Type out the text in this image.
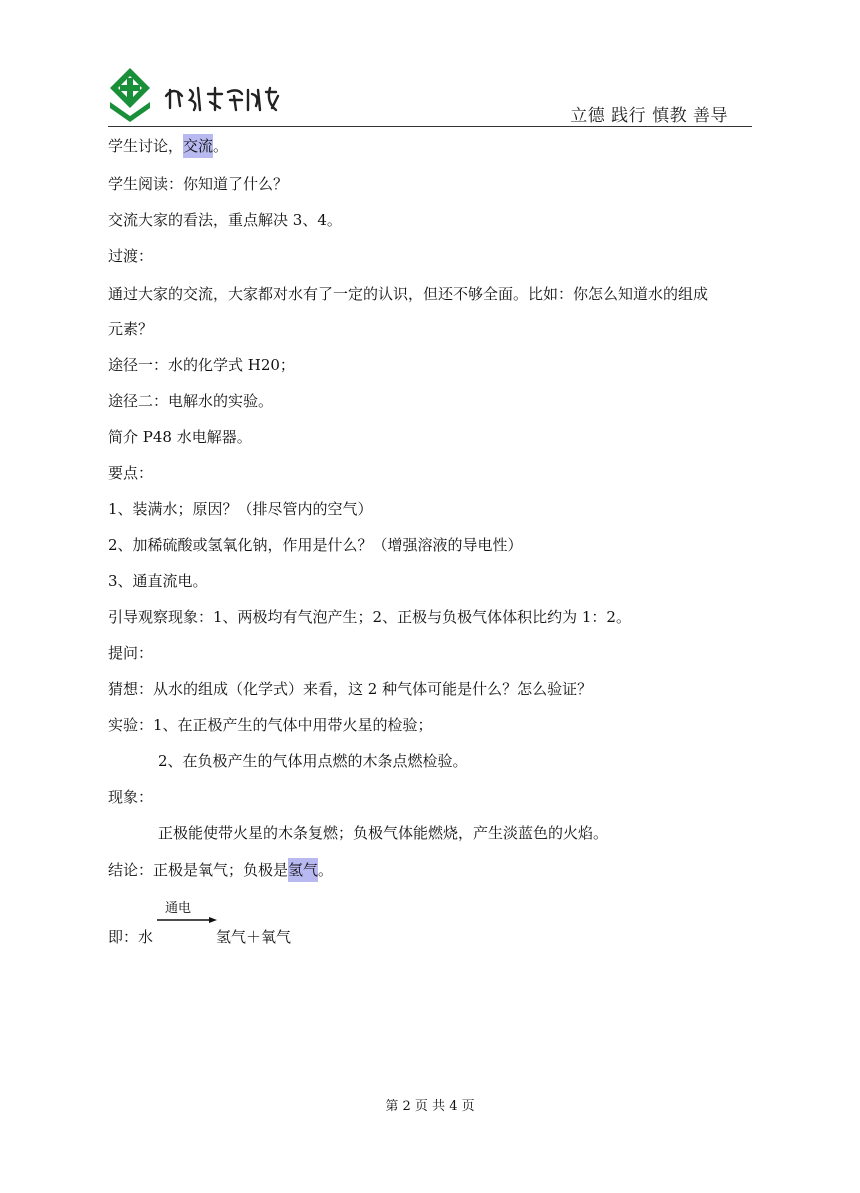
立德 践行 慎教 善导
学生讨论，交流。
学生阅读：你知道了什么？
交流大家的看法，重点解决 3、4。
过渡：
通过大家的交流，大家都对水有了一定的认识，但还不够全面。比如：你怎么知道水的组成
元素？
途径一：水的化学式 H20；
途径二：电解水的实验。
简介 P48 水电解器。
要点：
1、装满水；原因？（排尽管内的空气）
2、加稀硫酸或氢氧化钠，作用是什么？（增强溶液的导电性）
3、通直流电。
引导观察现象：1、两极均有气泡产生；2、正极与负极气体体积比约为 1：2。
提问：
猜想：从水的组成（化学式）来看，这 2 种气体可能是什么？怎么验证？
实验：1、在正极产生的气体中用带火星的检验；
2、在负极产生的气体用点燃的木条点燃检验。
现象：
正极能使带火星的木条复燃；负极气体能燃烧，产生淡蓝色的火焰。
结论：正极是氧气；负极是氢气。
即：水
通电
氢气＋氧气
第 2 页 共 4 页
